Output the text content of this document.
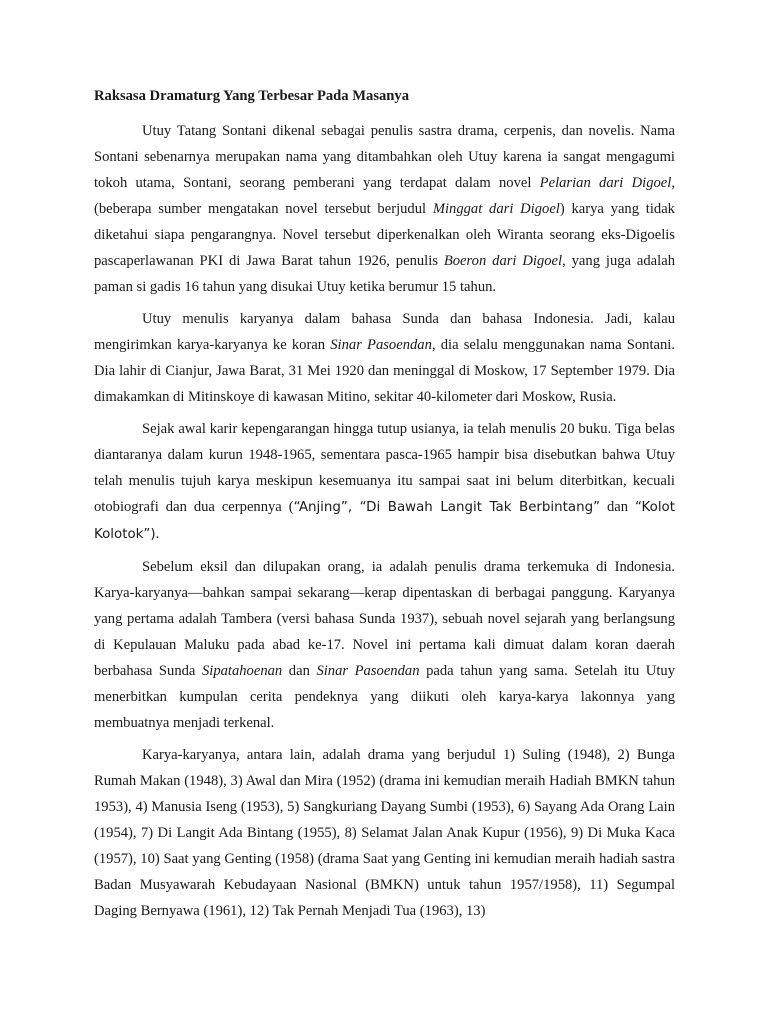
Raksasa Dramaturg Yang Terbesar Pada Masanya

Utuy Tatang Sontani dikenal sebagai penulis sastra drama, cerpenis, dan novelis. Nama Sontani sebenarnya merupakan nama yang ditambahkan oleh Utuy karena ia sangat mengagumi tokoh utama, Sontani, seorang pemberani yang terdapat dalam novel Pelarian dari Digoel, (beberapa sumber mengatakan novel tersebut berjudul Minggat dari Digoel) karya yang tidak diketahui siapa pengarangnya. Novel tersebut diperkenalkan oleh Wiranta seorang eks-Digoelis pascaperlawanan PKI di Jawa Barat tahun 1926, penulis Boeron dari Digoel, yang juga adalah paman si gadis 16 tahun yang disukai Utuy ketika berumur 15 tahun.

Utuy menulis karyanya dalam bahasa Sunda dan bahasa Indonesia. Jadi, kalau mengirimkan karya-karyanya ke koran Sinar Pasoendan, dia selalu menggunakan nama Sontani. Dia lahir di Cianjur, Jawa Barat, 31 Mei 1920 dan meninggal di Moskow, 17 September 1979. Dia dimakamkan di Mitinskoye di kawasan Mitino, sekitar 40-kilometer dari Moskow, Rusia.

Sejak awal karir kepengarangan hingga tutup usianya, ia telah menulis 20 buku. Tiga belas diantaranya dalam kurun 1948-1965, sementara pasca-1965 hampir bisa disebutkan bahwa Utuy telah menulis tujuh karya meskipun kesemuanya itu sampai saat ini belum diterbitkan, kecuali otobiografi dan dua cerpennya (“Anjing”, “Di Bawah Langit Tak Berbintang” dan “Kolot Kolotok”).

Sebelum eksil dan dilupakan orang, ia adalah penulis drama terkemuka di Indonesia. Karya-karyanya—bahkan sampai sekarang—kerap dipentaskan di berbagai panggung. Karyanya yang pertama adalah Tambera (versi bahasa Sunda 1937), sebuah novel sejarah yang berlangsung di Kepulauan Maluku pada abad ke-17. Novel ini pertama kali dimuat dalam koran daerah berbahasa Sunda Sipatahoenan dan Sinar Pasoendan pada tahun yang sama. Setelah itu Utuy menerbitkan kumpulan cerita pendeknya yang diikuti oleh karya-karya lakonnya yang membuatnya menjadi terkenal.

Karya-karyanya, antara lain, adalah drama yang berjudul 1) Suling (1948), 2) Bunga Rumah Makan (1948), 3) Awal dan Mira (1952) (drama ini kemudian meraih Hadiah BMKN tahun 1953), 4) Manusia Iseng (1953), 5) Sangkuriang Dayang Sumbi (1953), 6) Sayang Ada Orang Lain (1954), 7) Di Langit Ada Bintang (1955), 8) Selamat Jalan Anak Kupur (1956), 9) Di Muka Kaca (1957), 10) Saat yang Genting (1958) (drama Saat yang Genting ini kemudian meraih hadiah sastra Badan Musyawarah Kebudayaan Nasional (BMKN) untuk tahun 1957/1958), 11) Segumpal Daging Bernyawa (1961), 12) Tak Pernah Menjadi Tua (1963), 13)
